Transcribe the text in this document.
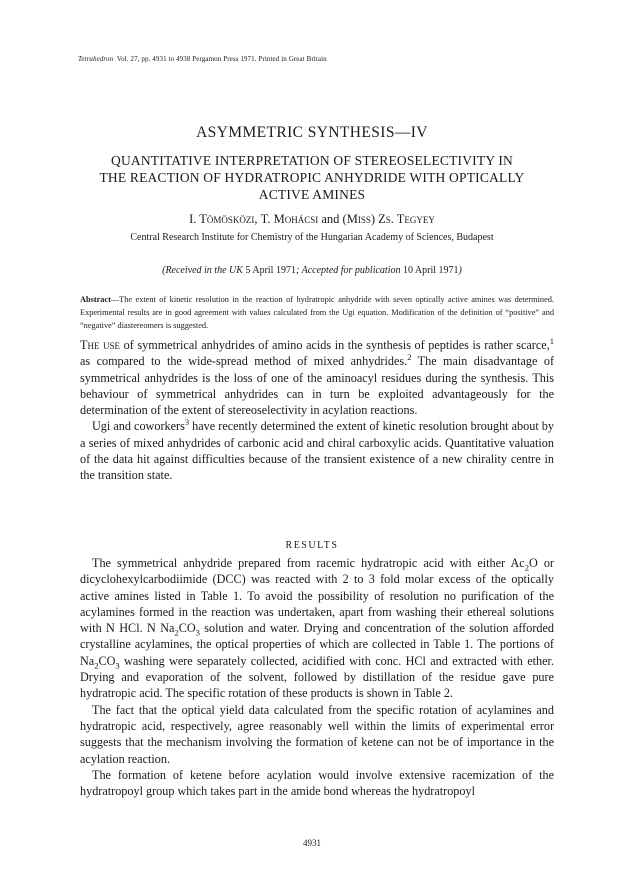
Tetrahedron Vol. 27, pp. 4931 to 4938 Pergamon Press 1971. Printed in Great Britain
ASYMMETRIC SYNTHESIS—IV
QUANTITATIVE INTERPRETATION OF STEREOSELECTIVITY IN THE REACTION OF HYDRATROPIC ANHYDRIDE WITH OPTICALLY ACTIVE AMINES
I. Tömösközi, T. Mohácsi and (Miss) Zs. Tegyey
Central Research Institute for Chemistry of the Hungarian Academy of Sciences, Budapest
(Received in the UK 5 April 1971; Accepted for publication 10 April 1971)
Abstract—The extent of kinetic resolution in the reaction of hydratropic anhydride with seven optically active amines was determined. Experimental results are in good agreement with values calculated from the Ugi equation. Modification of the definition of “positive” and “negative” diastereomers is suggested.

The use of symmetrical anhydrides of amino acids in the synthesis of peptides is rather scarce,$^1$ as compared to the wide-spread method of mixed anhydrides.$^2$ The main disadvantage of symmetrical anhydrides is the loss of one of the aminoacyl residues during the synthesis. This behaviour of symmetrical anhydrides can in turn be exploited advantageously for the determination of the extent of stereoselectivity in acylation reactions.
Ugi and coworkers$^3$ have recently determined the extent of kinetic resolution brought about by a series of mixed anhydrides of carbonic acid and chiral carboxylic acids. Quantitative valuation of the data hit against difficulties because of the transient existence of a new chirality centre in the transition state.

RESULTS

The symmetrical anhydride prepared from racemic hydratropic acid with either $Ac_2O$ or dicyclohexylcarbodiimide (DCC) was reacted with 2 to 3 fold molar excess of the optically active amines listed in Table 1. To avoid the possibility of resolution no purification of the acylamines formed in the reaction was undertaken, apart from washing their ethereal solutions with N HCl. N $Na_2CO_3$ solution and water. Drying and concentration of the solution afforded crystalline acylamines, the optical properties of which are collected in Table 1. The portions of $Na_2CO_3$ washing were separately collected, acidified with conc. HCl and extracted with ether. Drying and evaporation of the solvent, followed by distillation of the residue gave pure hydratropic acid. The specific rotation of these products is shown in Table 2.
The fact that the optical yield data calculated from the specific rotation of acylamines and hydratropic acid, respectively, agree reasonably well within the limits of experimental error suggests that the mechanism involving the formation of ketene can not be of importance in the acylation reaction.
The formation of ketene before acylation would involve extensive racemization of the hydratropoyl group which takes part in the amide bond whereas the hydratropoyl

4931
